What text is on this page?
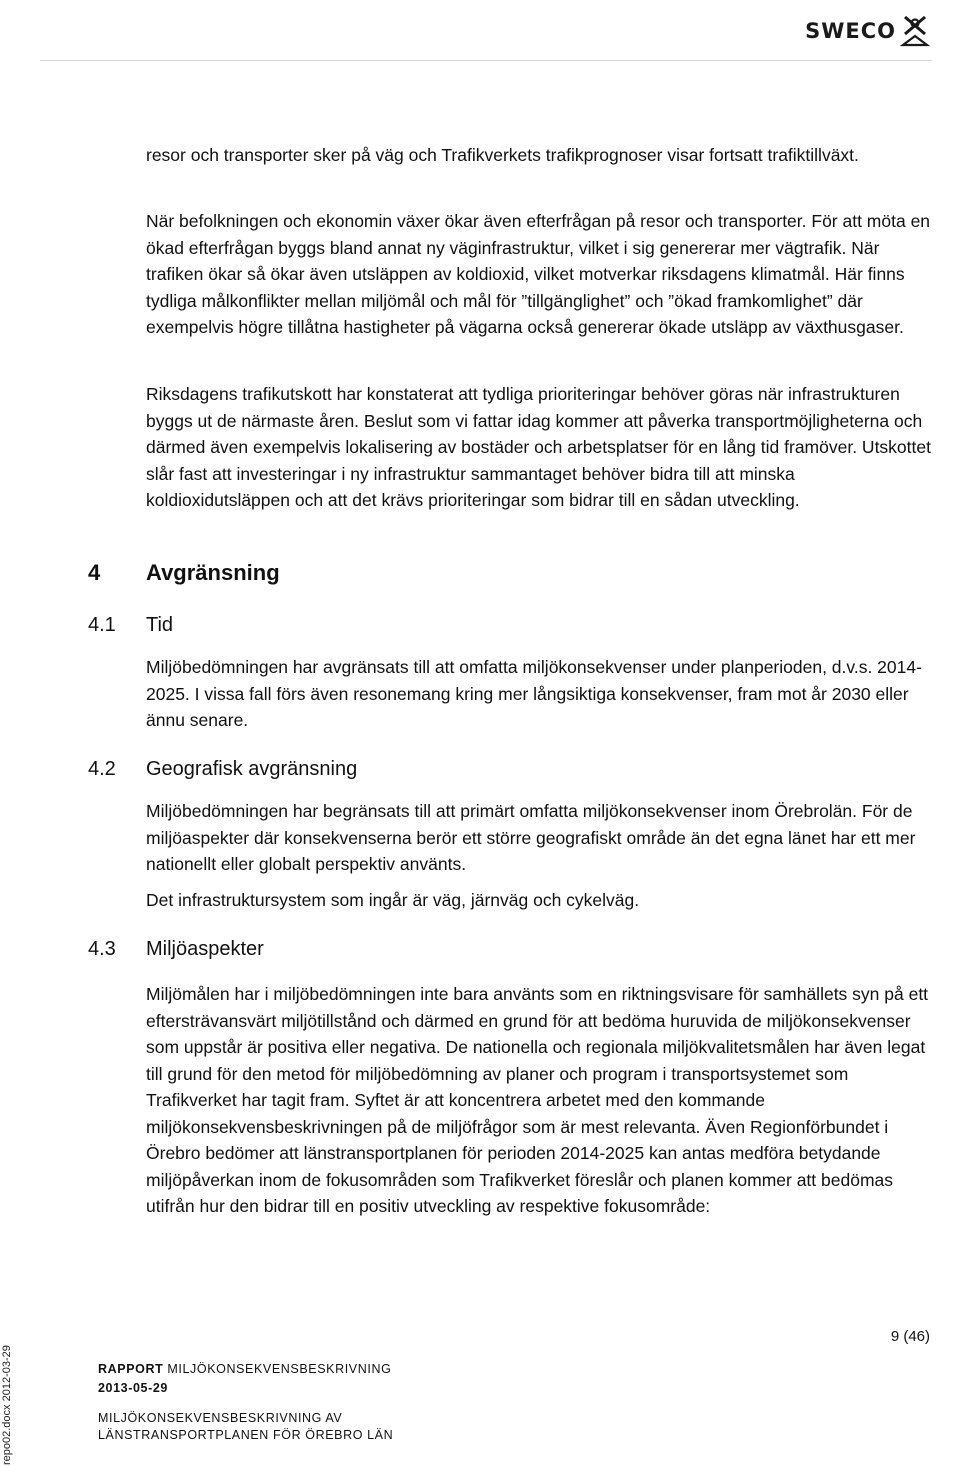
SWECO

resor och transporter sker på väg och Trafikverkets trafikprognoser visar fortsatt trafiktillväxt.

När befolkningen och ekonomin växer ökar även efterfrågan på resor och transporter. För att möta en ökad efterfrågan byggs bland annat ny väginfrastruktur, vilket i sig genererar mer vägtrafik. När trafiken ökar så ökar även utsläppen av koldioxid, vilket motverkar riksdagens klimatmål. Här finns tydliga målkonflikter mellan miljömål och mål för ”tillgänglighet” och ”ökad framkomlighet” där exempelvis högre tillåtna hastigheter på vägarna också genererar ökade utsläpp av växthusgaser.

Riksdagens trafikutskott har konstaterat att tydliga prioriteringar behöver göras när infrastrukturen byggs ut de närmaste åren. Beslut som vi fattar idag kommer att påverka transportmöjligheterna och därmed även exempelvis lokalisering av bostäder och arbetsplatser för en lång tid framöver. Utskottet slår fast att investeringar i ny infrastruktur sammantaget behöver bidra till att minska koldioxidutsläppen och att det krävs prioriteringar som bidrar till en sådan utveckling.

4 Avgränsning
4.1 Tid

Miljöbedömningen har avgränsats till att omfatta miljökonsekvenser under planperioden, d.v.s. 2014-2025. I vissa fall förs även resonemang kring mer långsiktiga konsekvenser, fram mot år 2030 eller ännu senare.

4.2 Geografisk avgränsning

Miljöbedömningen har begränsats till att primärt omfatta miljökonsekvenser inom Örebrolän. För de miljöaspekter där konsekvenserna berör ett större geografiskt område än det egna länet har ett mer nationellt eller globalt perspektiv använts.

Det infrastruktursystem som ingår är väg, järnväg och cykelväg.

4.3 Miljöaspekter

Miljömålen har i miljöbedömningen inte bara använts som en riktningsvisare för samhällets syn på ett eftersträvansvärt miljötillstånd och därmed en grund för att bedöma huruvida de miljökonsekvenser som uppstår är positiva eller negativa. De nationella och regionala miljökvalitetsmålen har även legat till grund för den metod för miljöbedömning av planer och program i transportsystemet som Trafikverket har tagit fram. Syftet är att koncentrera arbetet med den kommande miljökonsekvensbeskrivningen på de miljöfrågor som är mest relevanta. Även Regionförbundet i Örebro bedömer att länstransportplanen för perioden 2014-2025 kan antas medföra betydande miljöpåverkan inom de fokusområden som Trafikverket föreslår och planen kommer att bedömas utifrån hur den bidrar till en positiv utveckling av respektive fokusområde:

9 (46)
repo02.docx 2012-03-29	RAPPORT MILJÖKONSEKVENSBESKRIVNING
2013-05-29
MILJÖKONSEKVENSBESKRIVNING AV
LÄNSTRANSPORTPLANEN FÖR ÖREBRO LÄN
